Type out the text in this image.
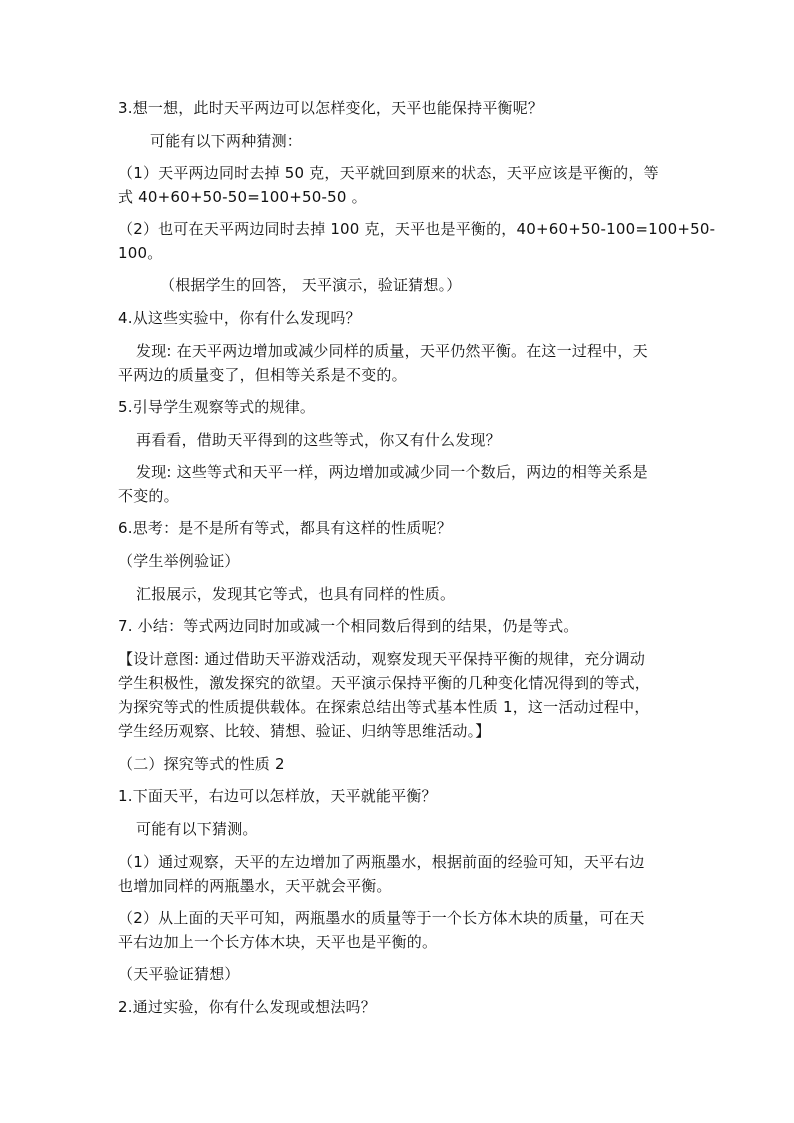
3.想一想，此时天平两边可以怎样变化，天平也能保持平衡呢？
可能有以下两种猜测：
（1）天平两边同时去掉 50 克，天平就回到原来的状态，天平应该是平衡的，等
式 40+60+50-50=100+50-50 。
（2）也可在天平两边同时去掉 100 克，天平也是平衡的，40+60+50-100=100+50-
100。
（根据学生的回答， 天平演示，验证猜想。）
4.从这些实验中，你有什么发现吗？
发现: 在天平两边增加或减少同样的质量，天平仍然平衡。在这一过程中，天
平两边的质量变了，但相等关系是不变的。
5.引导学生观察等式的规律。
再看看，借助天平得到的这些等式，你又有什么发现？
发现: 这些等式和天平一样，两边增加或减少同一个数后，两边的相等关系是
不变的。
6.思考：是不是所有等式，都具有这样的性质呢？
（学生举例验证）
汇报展示，发现其它等式，也具有同样的性质。
7. 小结：等式两边同时加或减一个相同数后得到的结果，仍是等式。
【设计意图: 通过借助天平游戏活动，观察发现天平保持平衡的规律，充分调动
学生积极性，激发探究的欲望。天平演示保持平衡的几种变化情况得到的等式，
为探究等式的性质提供载体。在探索总结出等式基本性质 1，这一活动过程中，
学生经历观察、比较、猜想、验证、归纳等思维活动。】
（二）探究等式的性质 2
1.下面天平，右边可以怎样放，天平就能平衡？
可能有以下猜测。
（1）通过观察，天平的左边增加了两瓶墨水，根据前面的经验可知，天平右边
也增加同样的两瓶墨水，天平就会平衡。
（2）从上面的天平可知，两瓶墨水的质量等于一个长方体木块的质量，可在天
平右边加上一个长方体木块，天平也是平衡的。
（天平验证猜想）
2.通过实验，你有什么发现或想法吗？
